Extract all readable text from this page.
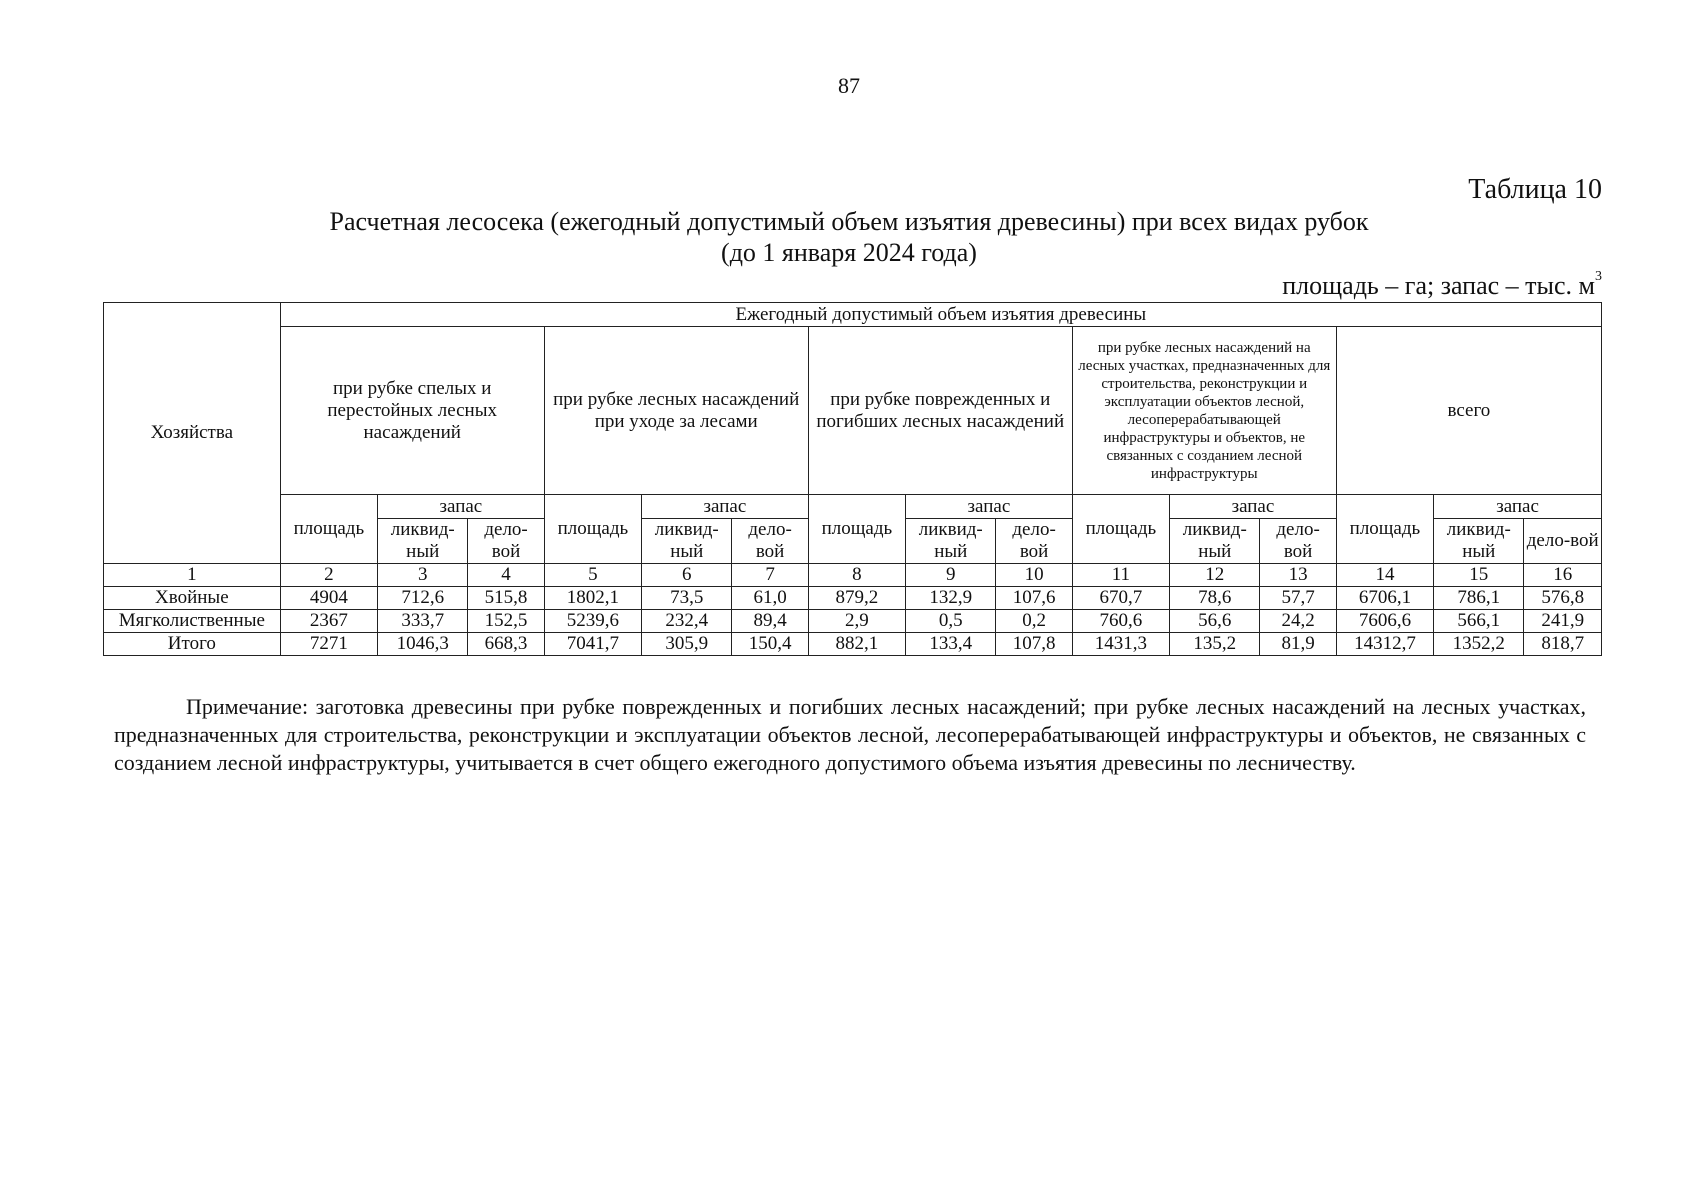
87
Таблица 10
Расчетная лесосека (ежегодный допустимый объем изъятия древесины) при всех видах рубок
(до 1 января 2024 года)
площадь – га; запас – тыс. $м^3$
Хозяйства	Ежегодный допустимый объем изъятия древесины														
	при рубке спелых и перестойных лесных насаждений			при рубке лесных насаждений при уходе за лесами			при рубке поврежденных и погибших лесных насаждений			при рубке лесных насаждений на лесных участках, предназначенных для строительства, реконструкции и эксплуатации объектов лесной, лесоперерабатывающей инфраструктуры и объектов, не связанных с созданием лесной инфраструктуры			всего		
	площадь	запас		площадь	запас		площадь	запас		площадь	запас		площадь	запас	
		ликвид-ный	дело-вой		ликвид-ный	дело-вой		ликвид-ный	дело-вой		ликвид-ный	дело-вой		ликвид-ный	дело-вой
1	2	3	4	5	6	7	8	9	10	11	12	13	14	15	16
Хвойные	4904	712,6	515,8	1802,1	73,5	61,0	879,2	132,9	107,6	670,7	78,6	57,7	6706,1	786,1	576,8
Мягколиственные	2367	333,7	152,5	5239,6	232,4	89,4	2,9	0,5	0,2	760,6	56,6	24,2	7606,6	566,1	241,9
Итого	7271	1046,3	668,3	7041,7	305,9	150,4	882,1	133,4	107,8	1431,3	135,2	81,9	14312,7	1352,2	818,7
Примечание: заготовка древесины при рубке поврежденных и погибших лесных насаждений; при рубке лесных насаждений на лесных участках, предназначенных для строительства, реконструкции и эксплуатации объектов лесной, лесоперерабатывающей инфраструктуры и объектов, не связанных с созданием лесной инфраструктуры, учитывается в счет общего ежегодного допустимого объема изъятия древесины по лесничеству.
